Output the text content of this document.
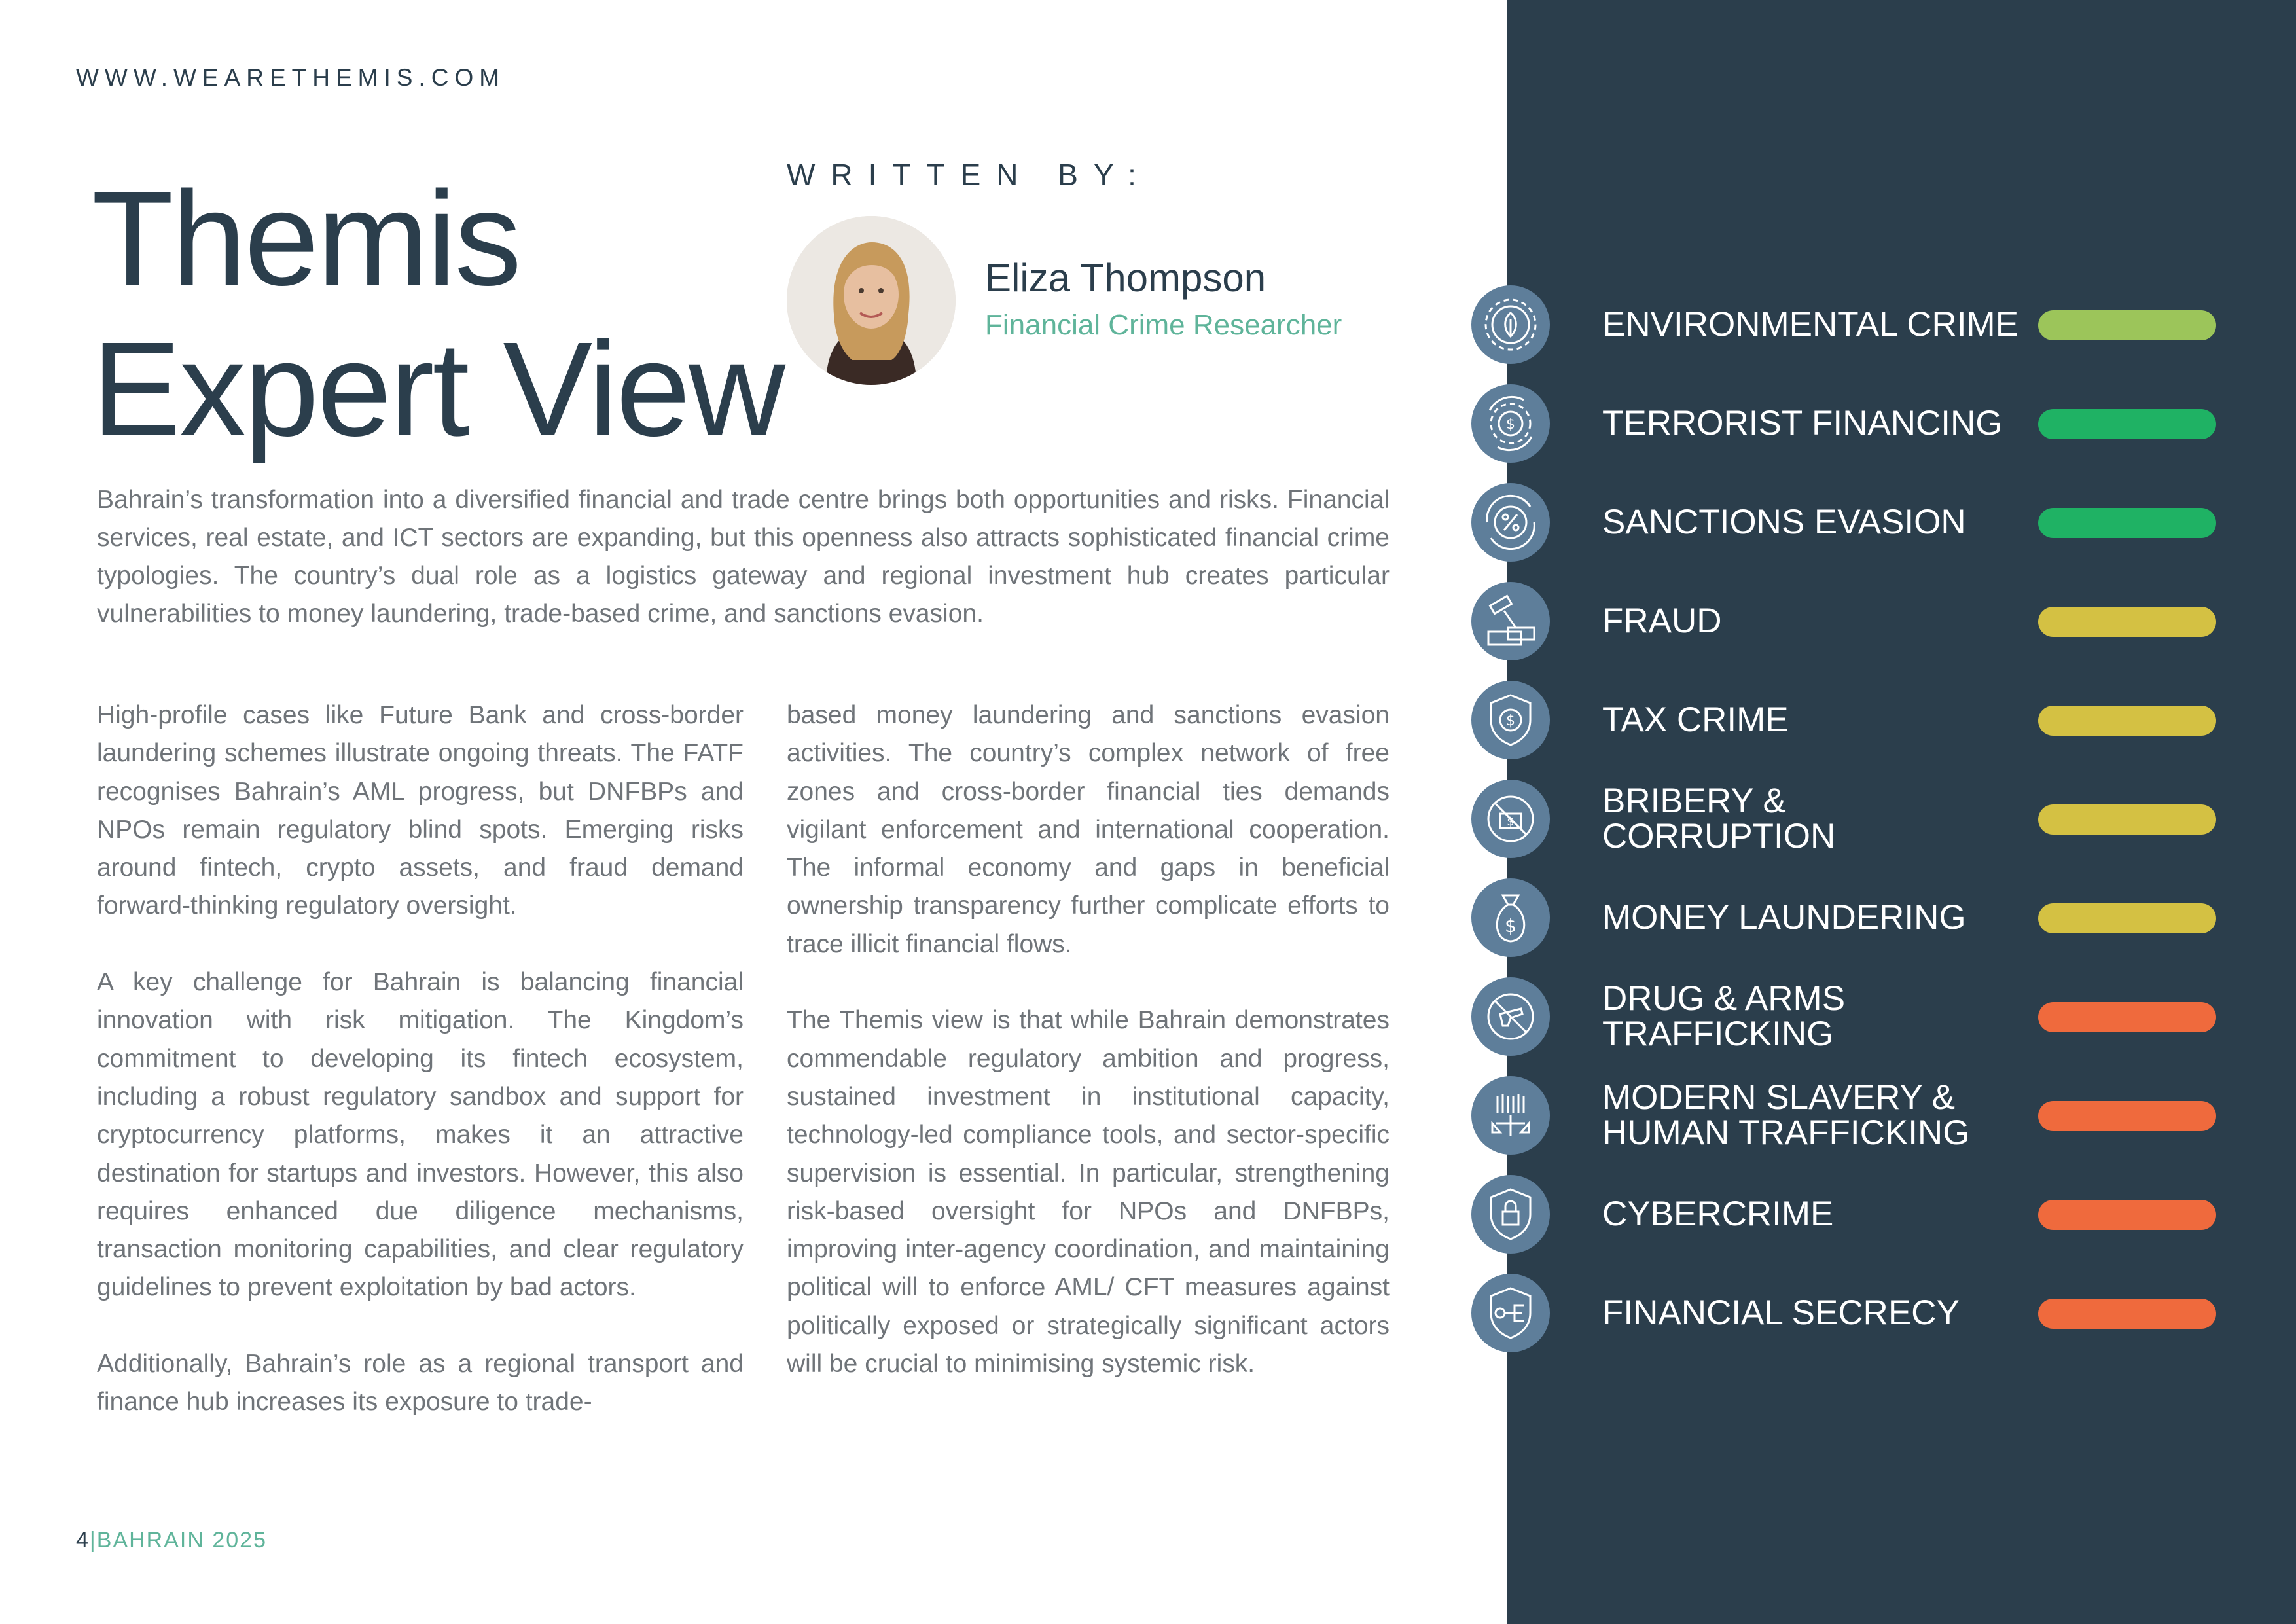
WWW.WEARETHEMIS.COM
Themis
Expert View
WRITTEN BY:
Eliza Thompson
Financial Crime Researcher

Bahrain’s transformation into a diversified financial and trade centre brings both opportunities and risks. Financial services, real estate, and ICT sectors are expanding, but this openness also attracts sophisticated financial crime typologies. The country’s dual role as a logistics gateway and regional investment hub creates particular vulnerabilities to money laundering, trade-based crime, and sanctions evasion.

High-profile cases like Future Bank and cross-border laundering schemes illustrate ongoing threats. The FATF recognises Bahrain’s AML progress, but DNFBPs and NPOs remain regulatory blind spots. Emerging risks around fintech, crypto assets, and fraud demand forward-thinking regulatory oversight.

A key challenge for Bahrain is balancing financial innovation with risk mitigation. The Kingdom’s commitment to developing its fintech ecosystem, including a robust regulatory sandbox and support for cryptocurrency platforms, makes it an attractive destination for startups and investors. However, this also requires enhanced due diligence mechanisms, transaction monitoring capabilities, and clear regulatory guidelines to prevent exploitation by bad actors.

Additionally, Bahrain’s role as a regional transport and finance hub increases its exposure to trade-

based money laundering and sanctions evasion activities. The country’s complex network of free zones and cross-border financial ties demands vigilant enforcement and international cooperation. The informal economy and gaps in beneficial ownership transparency further complicate efforts to trace illicit financial flows.

The Themis view is that while Bahrain demonstrates commendable regulatory ambition and progress, sustained investment in institutional capacity, technology-led compliance tools, and sector-specific supervision is essential. In particular, strengthening risk-based oversight for NPOs and DNFBPs, improving inter-agency coordination, and maintaining political will to enforce AML/ CFT measures against politically exposed or strategically significant actors will be crucial to minimising systemic risk.

4|BAHRAIN 2025
ENVIRONMENTAL CRIME
$	TERRORIST FINANCING
SANCTIONS EVASION
FRAUD
$	TAX CRIME
$
BRIBERY & CORRUPTION
$ MONEY LAUNDERING
DRUG & ARMS TRAFFICKING
MODERN SLAVERY & HUMAN TRAFFICKING
CYBERCRIME
FINANCIAL SECRECY
